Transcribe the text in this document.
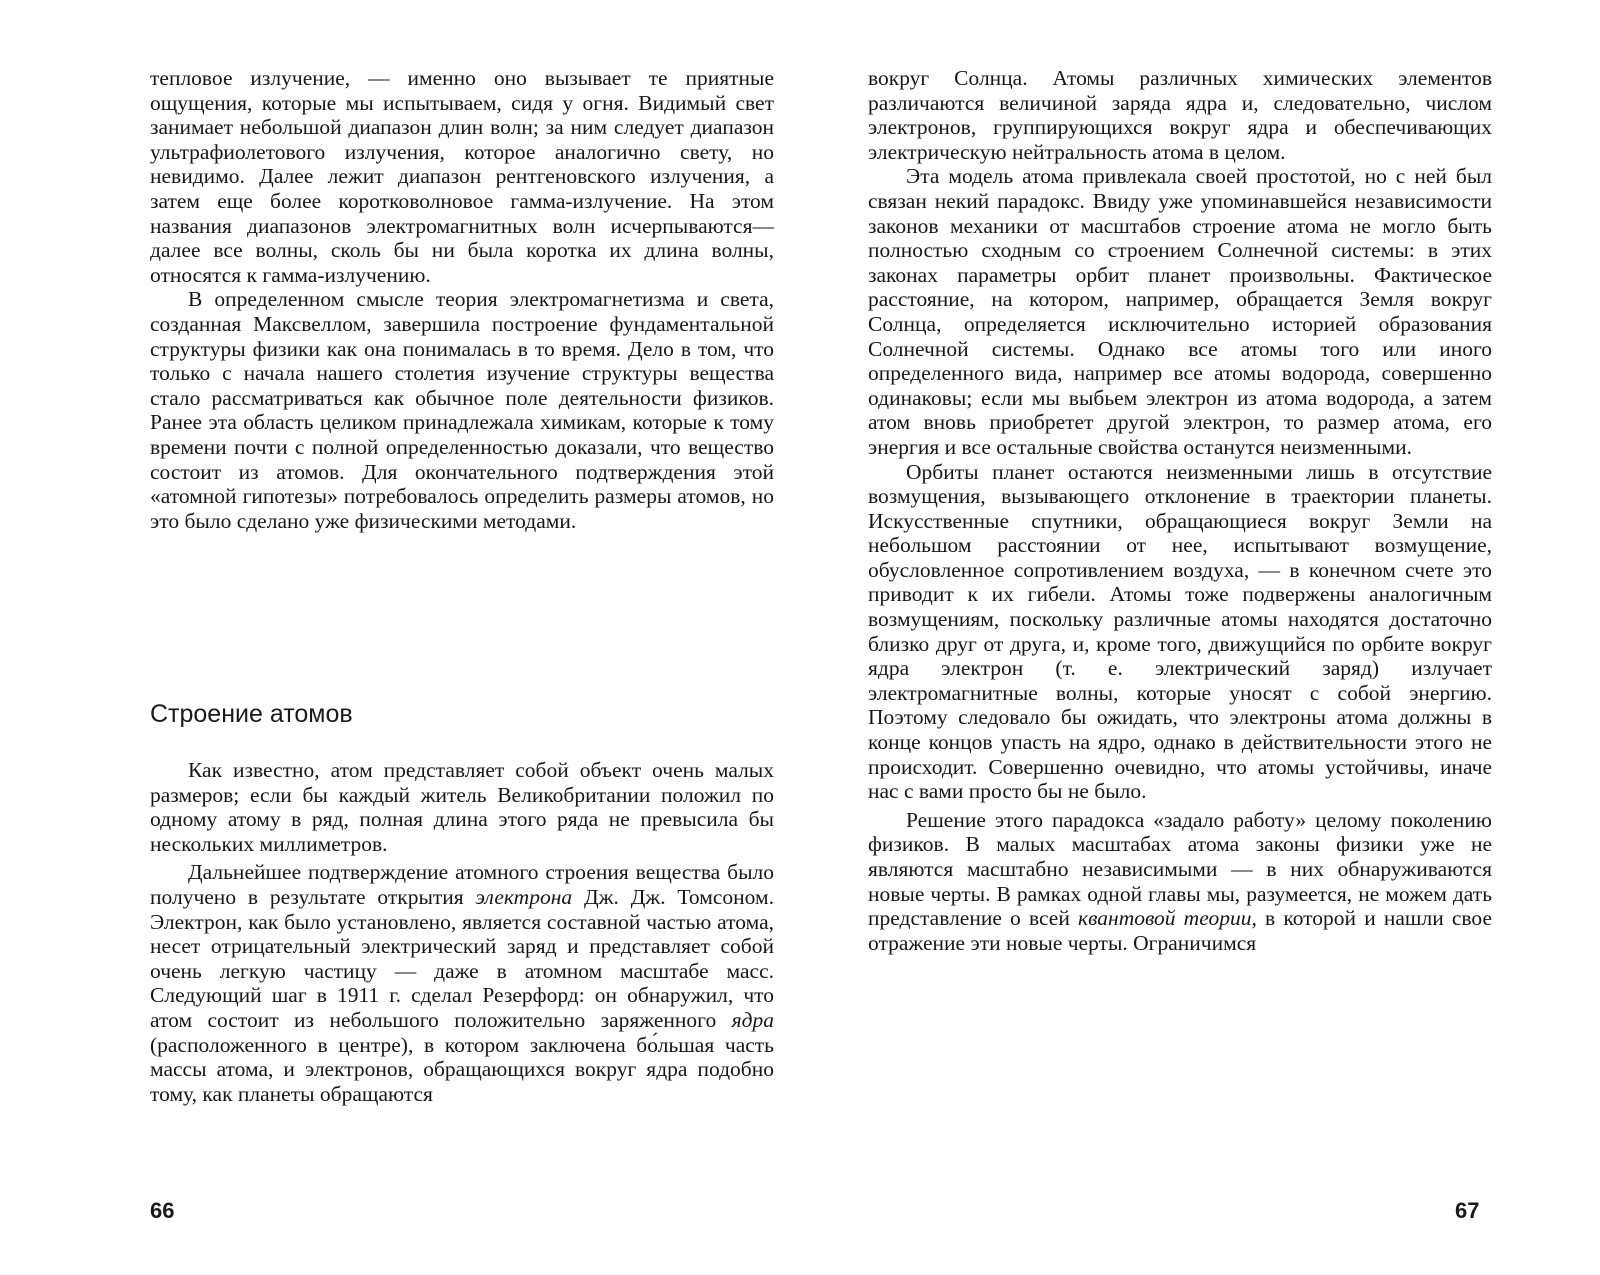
тепловое излучение, — именно оно вызывает те приятные ощущения, которые мы испытываем, сидя у огня. Видимый свет занимает небольшой диапазон длин волн; за ним следует диапазон ультрафиолетового излучения, которое аналогично свету, но невидимо. Далее лежит диапазон рентгеновского излучения, а затем еще более коротковолновое гамма-излучение. На этом названия диапазонов электромагнитных волн исчерпываются—далее все волны, сколь бы ни была коротка их длина волны, относятся к гамма-излучению.

В определенном смысле теория электромагнетизма и света, созданная Максвеллом, завершила построение фундаментальной структуры физики как она понималась в то время. Дело в том, что только с начала нашего столетия изучение структуры вещества стало рассматриваться как обычное поле деятельности физиков. Ранее эта область целиком принадлежала химикам, которые к тому времени почти с полной определенностью доказали, что вещество состоит из атомов. Для окончательного подтверждения этой «атомной гипотезы» потребовалось определить размеры атомов, но это было сделано уже физическими методами.

Строение атомов

Как известно, атом представляет собой объект очень малых размеров; если бы каждый житель Великобритании положил по одному атому в ряд, полная длина этого ряда не превысила бы нескольких миллиметров.

Дальнейшее подтверждение атомного строения вещества было получено в результате открытия электрона Дж. Дж. Томсоном. Электрон, как было установлено, является составной частью атома, несет отрицательный электрический заряд и представляет собой очень легкую частицу — даже в атомном масштабе масс. Следующий шаг в 1911 г. сделал Резерфорд: он обнаружил, что атом состоит из небольшого положительно заряженного ядра (расположенного в центре), в котором заключена бо́льшая часть массы атома, и электронов, обращающихся вокруг ядра подобно тому, как планеты обращаются

66

вокруг Солнца. Атомы различных химических элементов различаются величиной заряда ядра и, следовательно, числом электронов, группирующихся вокруг ядра и обеспечивающих электрическую нейтральность атома в целом.

Эта модель атома привлекала своей простотой, но с ней был связан некий парадокс. Ввиду уже упоминавшейся независимости законов механики от масштабов строение атома не могло быть полностью сходным со строением Солнечной системы: в этих законах параметры орбит планет произвольны. Фактическое расстояние, на котором, например, обращается Земля вокруг Солнца, определяется исключительно историей образования Солнечной системы. Однако все атомы того или иного определенного вида, например все атомы водорода, совершенно одинаковы; если мы выбьем электрон из атома водорода, а затем атом вновь приобретет другой электрон, то размер атома, его энергия и все остальные свойства останутся неизменными.

Орбиты планет остаются неизменными лишь в отсутствие возмущения, вызывающего отклонение в траектории планеты. Искусственные спутники, обращающиеся вокруг Земли на небольшом расстоянии от нее, испытывают возмущение, обусловленное сопротивлением воздуха, — в конечном счете это приводит к их гибели. Атомы тоже подвержены аналогичным возмущениям, поскольку различные атомы находятся достаточно близко друг от друга, и, кроме того, движущийся по орбите вокруг ядра электрон (т. е. электрический заряд) излучает электромагнитные волны, которые уносят с собой энергию. Поэтому следовало бы ожидать, что электроны атома должны в конце концов упасть на ядро, однако в действительности этого не происходит. Совершенно очевидно, что атомы устойчивы, иначе нас с вами просто бы не было.

Решение этого парадокса «задало работу» целому поколению физиков. В малых масштабах атома законы физики уже не являются масштабно независимыми — в них обнаруживаются новые черты. В рамках одной главы мы, разумеется, не можем дать представление о всей квантовой теории, в которой и нашли свое отражение эти новые черты. Ограничимся

67
